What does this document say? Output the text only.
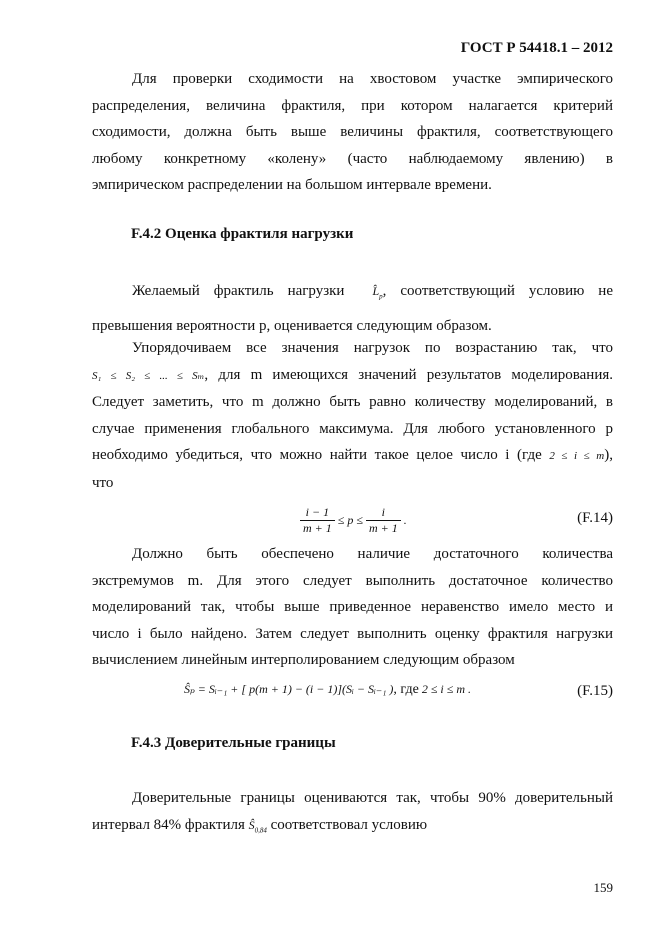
ГОСТ Р 54418.1 – 2012
Для проверки сходимости на хвостовом участке эмпирического
распределения, величина фрактиля, при котором налагается критерий
сходимости, должна быть выше величины фрактиля, соответствующего
любому конкретному «колену» (часто наблюдаемому явлению) в
эмпирическом распределении на большом интервале времени.
F.4.2 Оценка фрактиля нагрузки
Желаемый фрактиль нагрузки $L̂_p$, соответствующий условию не
превышения вероятности p, оценивается следующим образом.
Упорядочиваем все значения нагрузок по возрастанию так, что
S₁ ≤ S₂ ≤ ... ≤ Sₘ, для m имеющихся значений результатов моделирования.
Следует заметить, что m должно быть равно количеству моделирований, в
случае применения глобального максимума. Для любого установленного p
необходимо убедиться, что можно найти такое целое число i (где 2 ≤ i ≤ m),
что
$\frac{i - 1}{m + 1} \le p \le \frac{i}{m + 1}$ .	(F.14)
Должно быть обеспечено наличие достаточного количества
экстремумов m. Для этого следует выполнить достаточное количество
моделирований так, чтобы выше приведенное неравенство имело место и
число i было найдено. Затем следует выполнить оценку фрактиля нагрузки
вычислением линейным интерполированием следующим образом
Ŝₚ = Sᵢ₋₁ + [ p(m + 1) − (i − 1)](Sᵢ − Sᵢ₋₁ ), где 2 ≤ i ≤ m .	(F.15)
F.4.3 Доверительные границы
Доверительные границы оцениваются так, чтобы 90% доверительный
интервал 84% фрактиля $Ŝ_{0,84}$ соответствовал условию
159
